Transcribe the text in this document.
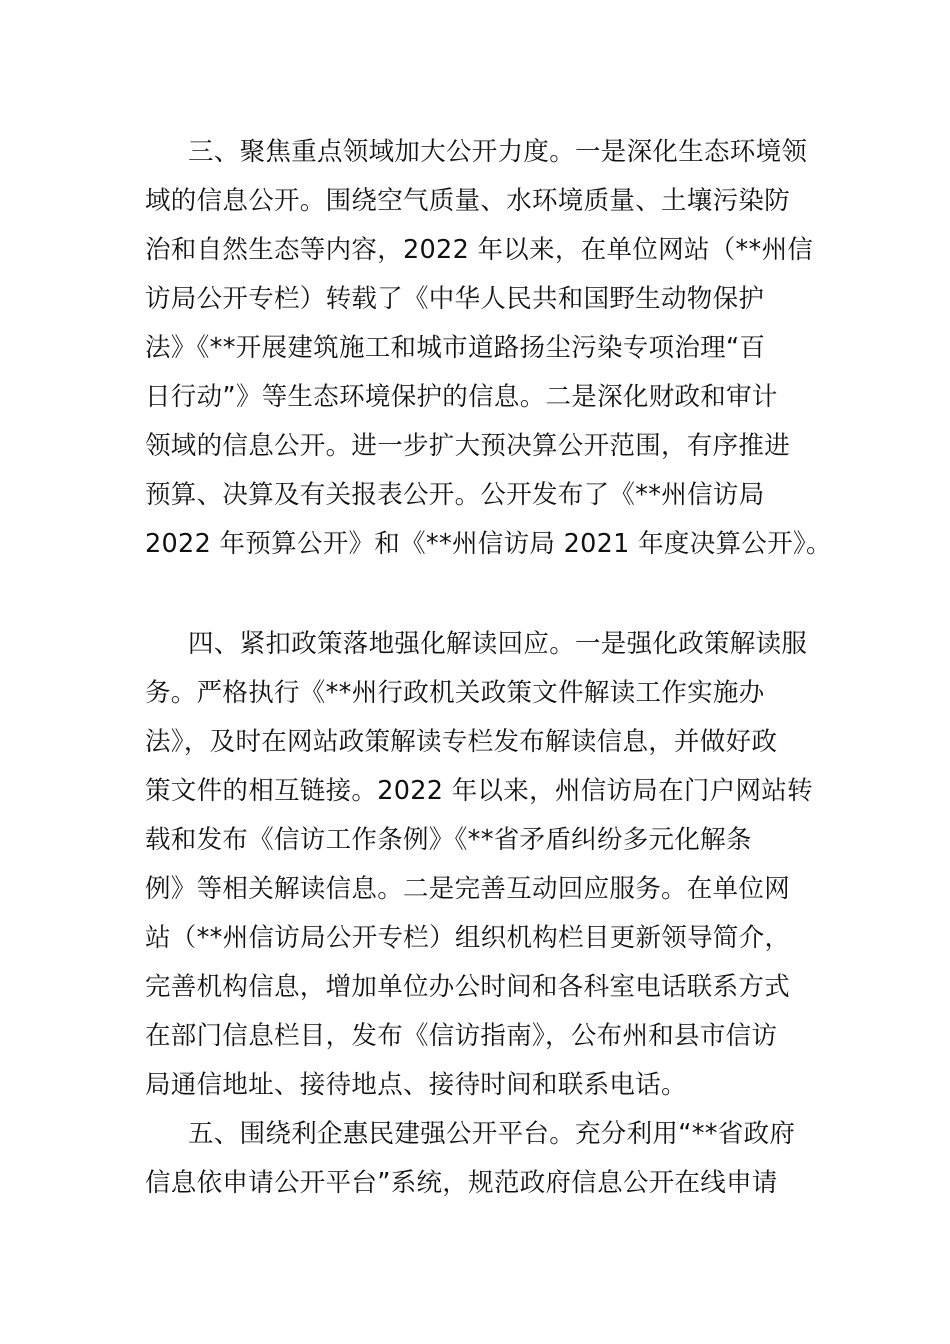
三、聚焦重点领域加大公开力度。一是深化生态环境领
域的信息公开。围绕空气质量、水环境质量、土壤污染防
治和自然生态等内容，2022 年以来，在单位网站（**州信
访局公开专栏）转载了《中华人民共和国野生动物保护
法》《**开展建筑施工和城市道路扬尘污染专项治理“百
日行动”》等生态环境保护的信息。二是深化财政和审计
领域的信息公开。进一步扩大预决算公开范围，有序推进
预算、决算及有关报表公开。公开发布了《**州信访局
2022 年预算公开》和《**州信访局 2021 年度决算公开》。
四、紧扣政策落地强化解读回应。一是强化政策解读服
务。严格执行《**州行政机关政策文件解读工作实施办
法》，及时在网站政策解读专栏发布解读信息，并做好政
策文件的相互链接。2022 年以来，州信访局在门户网站转
载和发布《信访工作条例》《**省矛盾纠纷多元化解条
例》等相关解读信息。二是完善互动回应服务。在单位网
站（**州信访局公开专栏）组织机构栏目更新领导简介，
完善机构信息，增加单位办公时间和各科室电话联系方式
在部门信息栏目，发布《信访指南》，公布州和县市信访
局通信地址、接待地点、接待时间和联系电话。
五、围绕利企惠民建强公开平台。充分利用“**省政府
信息依申请公开平台”系统，规范政府信息公开在线申请
